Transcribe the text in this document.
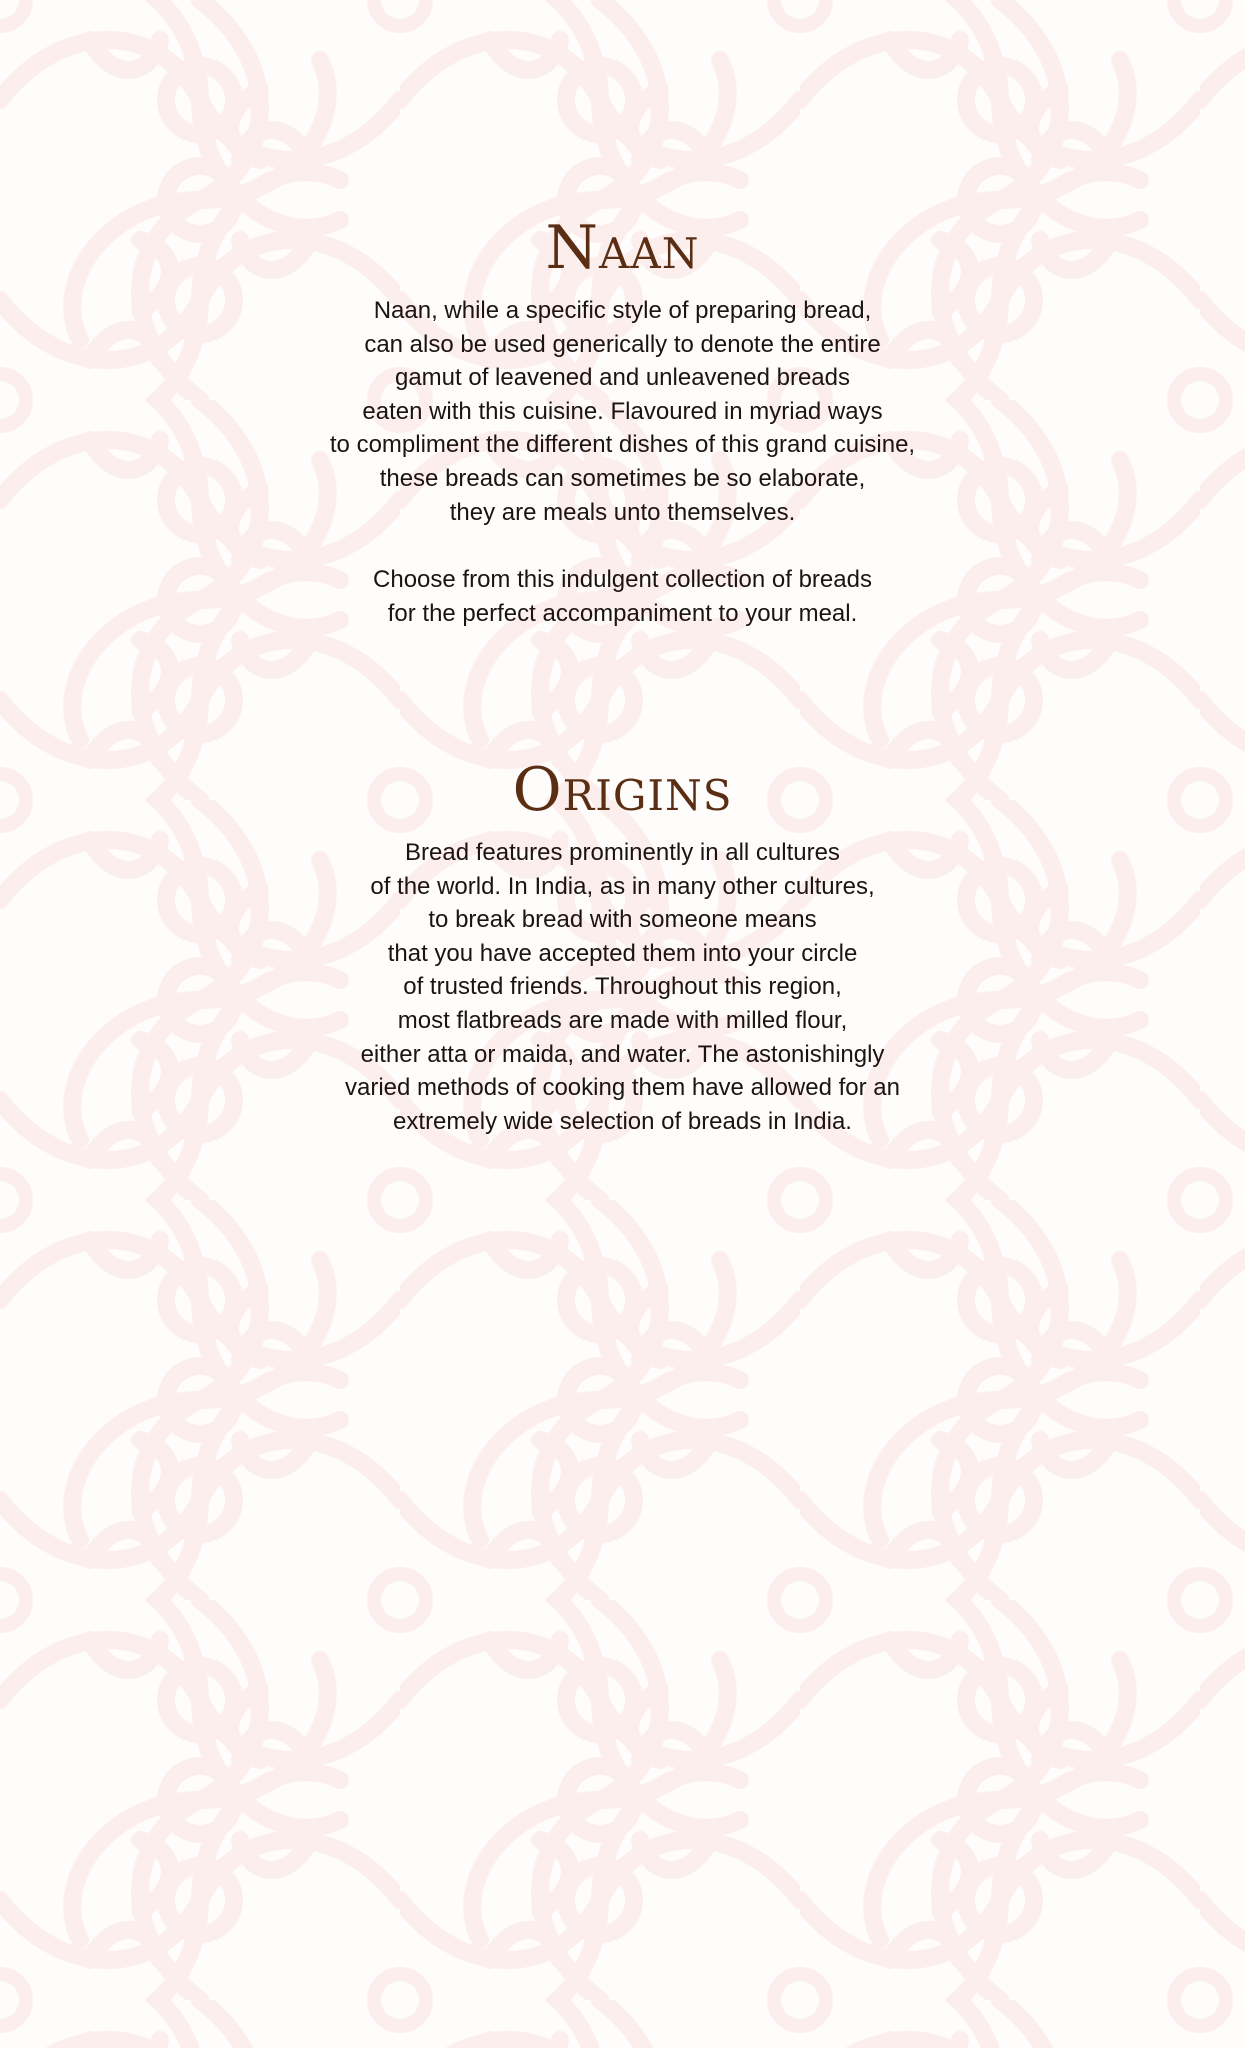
Naan

Naan, while a specific style of preparing bread,
can also be used generically to denote the entire
gamut of leavened and unleavened breads
eaten with this cuisine. Flavoured in myriad ways
to compliment the different dishes of this grand cuisine,
these breads can sometimes be so elaborate,
they are meals unto themselves.

Choose from this indulgent collection of breads
for the perfect accompaniment to your meal.

Origins

Bread features prominently in all cultures
of the world. In India, as in many other cultures,
to break bread with someone means
that you have accepted them into your circle
of trusted friends. Throughout this region,
most flatbreads are made with milled flour,
either atta or maida, and water. The astonishingly
varied methods of cooking them have allowed for an
extremely wide selection of breads in India.
